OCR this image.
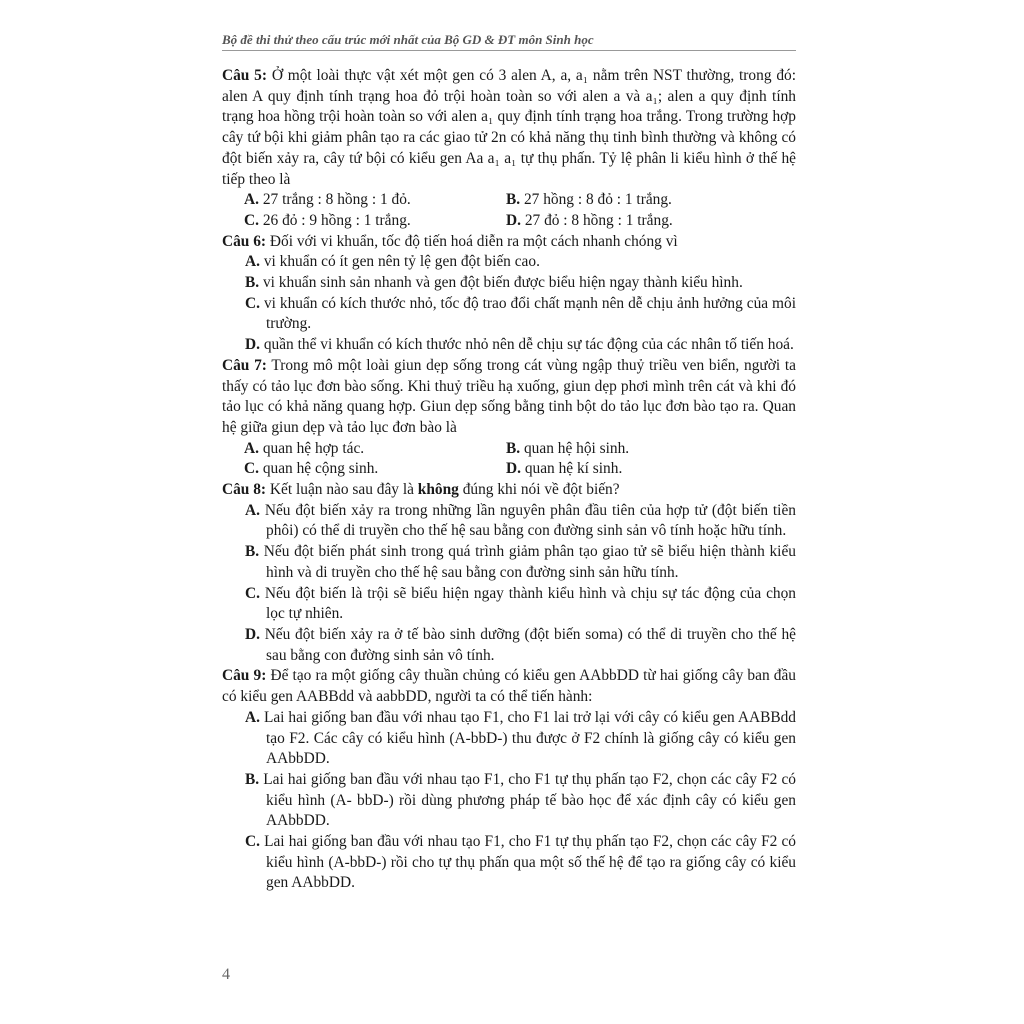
Bộ đề thi thử theo cấu trúc mới nhất của Bộ GD & ĐT môn Sinh học

Câu 5: Ở một loài thực vật xét một gen có 3 alen A, a, a₁ nằm trên NST thường, trong đó: alen A quy định tính trạng hoa đỏ trội hoàn toàn so với alen a và a₁; alen a quy định tính trạng hoa hồng trội hoàn toàn so với alen a₁ quy định tính trạng hoa trắng. Trong trường hợp cây tứ bội khi giảm phân tạo ra các giao tử 2n có khả năng thụ tinh bình thường và không có đột biến xảy ra, cây tứ bội có kiểu gen Aa a₁ a₁ tự thụ phấn. Tỷ lệ phân li kiểu hình ở thế hệ tiếp theo là

A. 27 trắng : 8 hồng : 1 đỏ.	B. 27 hồng : 8 đỏ : 1 trắng.
C. 26 đỏ : 9 hồng : 1 trắng.	D. 27 đỏ : 8 hồng : 1 trắng.

Câu 6: Đối với vi khuẩn, tốc độ tiến hoá diễn ra một cách nhanh chóng vì

A. vi khuẩn có ít gen nên tỷ lệ gen đột biến cao.

B. vi khuẩn sinh sản nhanh và gen đột biến được biểu hiện ngay thành kiểu hình.

C. vi khuẩn có kích thước nhỏ, tốc độ trao đổi chất mạnh nên dễ chịu ảnh hưởng của môi trường.

D. quần thể vi khuẩn có kích thước nhỏ nên dễ chịu sự tác động của các nhân tố tiến hoá.

Câu 7: Trong mô một loài giun dẹp sống trong cát vùng ngập thuỷ triều ven biển, người ta thấy có tảo lục đơn bào sống. Khi thuỷ triều hạ xuống, giun dẹp phơi mình trên cát và khi đó tảo lục có khả năng quang hợp. Giun dẹp sống bằng tinh bột do tảo lục đơn bào tạo ra. Quan hệ giữa giun dẹp và tảo lục đơn bào là

A. quan hệ hợp tác.	B. quan hệ hội sinh.
C. quan hệ cộng sinh.	D. quan hệ kí sinh.

Câu 8: Kết luận nào sau đây là không đúng khi nói về đột biến?

A. Nếu đột biến xảy ra trong những lần nguyên phân đầu tiên của hợp tử (đột biến tiền phôi) có thể di truyền cho thế hệ sau bằng con đường sinh sản vô tính hoặc hữu tính.

B. Nếu đột biến phát sinh trong quá trình giảm phân tạo giao tử sẽ biểu hiện thành kiểu hình và di truyền cho thế hệ sau bằng con đường sinh sản hữu tính.

C. Nếu đột biến là trội sẽ biểu hiện ngay thành kiểu hình và chịu sự tác động của chọn lọc tự nhiên.

D. Nếu đột biến xảy ra ở tế bào sinh dưỡng (đột biến soma) có thể di truyền cho thế hệ sau bằng con đường sinh sản vô tính.

Câu 9: Để tạo ra một giống cây thuần chủng có kiểu gen AAbbDD từ hai giống cây ban đầu có kiểu gen AABBdd và aabbDD, người ta có thể tiến hành:

A. Lai hai giống ban đầu với nhau tạo F1, cho F1 lai trở lại với cây có kiểu gen AABBdd tạo F2. Các cây có kiểu hình (A-bbD-) thu được ở F2 chính là giống cây có kiểu gen AAbbDD.

B. Lai hai giống ban đầu với nhau tạo F1, cho F1 tự thụ phấn tạo F2, chọn các cây F2 có kiểu hình (A- bbD-) rồi dùng phương pháp tế bào học để xác định cây có kiểu gen AAbbDD.

C. Lai hai giống ban đầu với nhau tạo F1, cho F1 tự thụ phấn tạo F2, chọn các cây F2 có kiểu hình (A-bbD-) rồi cho tự thụ phấn qua một số thế hệ để tạo ra giống cây có kiểu gen AAbbDD.

4
